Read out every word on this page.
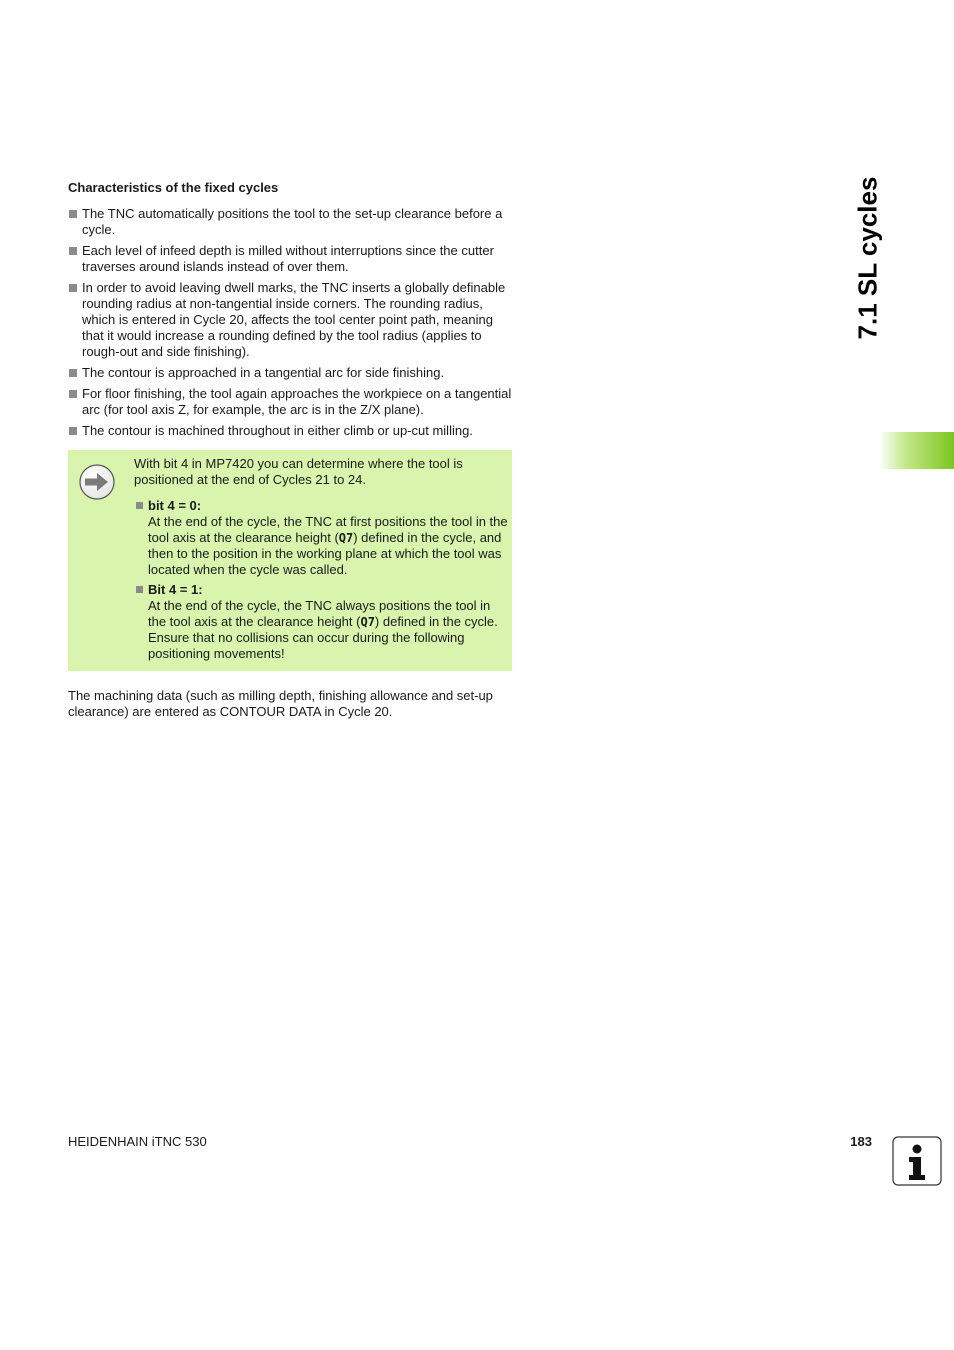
Characteristics of the fixed cycles
The TNC automatically positions the tool to the set-up clearance before a cycle.
Each level of infeed depth is milled without interruptions since the cutter traverses around islands instead of over them.
In order to avoid leaving dwell marks, the TNC inserts a globally definable rounding radius at non-tangential inside corners. The rounding radius, which is entered in Cycle 20, affects the tool center point path, meaning that it would increase a rounding defined by the tool radius (applies to rough-out and side finishing).
The contour is approached in a tangential arc for side finishing.
For floor finishing, the tool again approaches the workpiece on a tangential arc (for tool axis Z, for example, the arc is in the Z/X plane).
The contour is machined throughout in either climb or up-cut milling.
With bit 4 in MP7420 you can determine where the tool is positioned at the end of Cycles 21 to 24.
bit 4 = 0:
At the end of the cycle, the TNC at first positions the tool in the tool axis at the clearance height (Q7) defined in the cycle, and then to the position in the working plane at which the tool was located when the cycle was called.
Bit 4 = 1:
At the end of the cycle, the TNC always positions the tool in the tool axis at the clearance height (Q7) defined in the cycle. Ensure that no collisions can occur during the following positioning movements!
The machining data (such as milling depth, finishing allowance and set-up clearance) are entered as CONTOUR DATA in Cycle 20.
7.1 SL cycles
HEIDENHAIN iTNC 530	183
